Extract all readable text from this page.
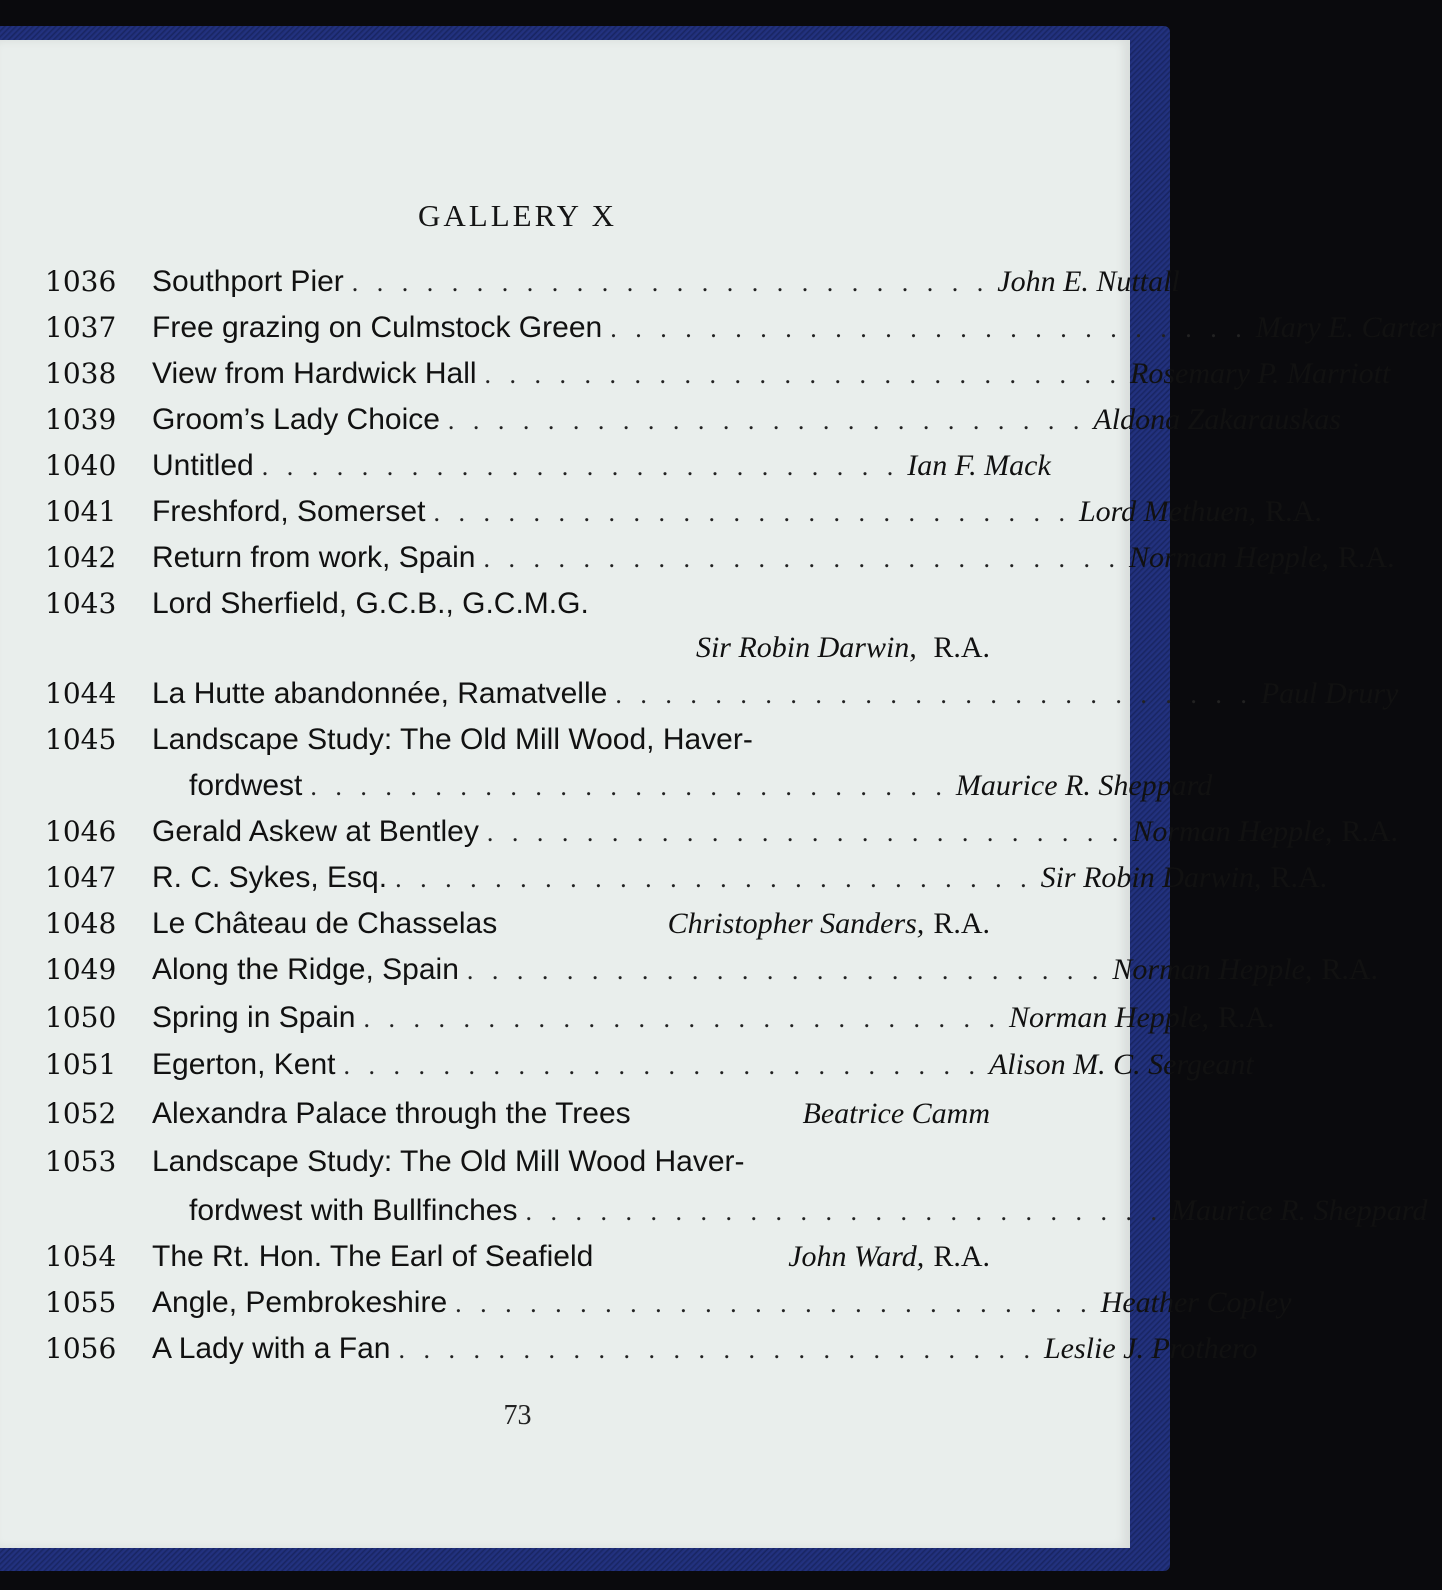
GALLERY X
1036	Southport Pier . . . . . . . . . . . . . . . . . . . . . . . . . . John E. Nuttall
1037	Free grazing on Culmstock Green . . . . . . . . . . . . . . . . . . . . . . . . . . Mary E. Carter
1038	View from Hardwick Hall . . . . . . . . . . . . . . . . . . . . . . . . . . Rosemary P. Marriott
1039	Groom’s Lady Choice . . . . . . . . . . . . . . . . . . . . . . . . . . Aldona Zakarauskas
1040	Untitled . . . . . . . . . . . . . . . . . . . . . . . . . . Ian F. Mack
1041	Freshford, Somerset . . . . . . . . . . . . . . . . . . . . . . . . . . Lord Methuen, R.A.
1042	Return from work, Spain . . . . . . . . . . . . . . . . . . . . . . . . . . Norman Hepple, R.A.
1043	Lord Sherfield, G.C.B., G.C.M.G.
Sir Robin Darwin, R.A.
1044	La Hutte abandonnée, Ramatvelle . . . . . . . . . . . . . . . . . . . . . . . . . . Paul Drury
1045	Landscape Study: The Old Mill Wood, Haver-
fordwest . . . . . . . . . . . . . . . . . . . . . . . . . . Maurice R. Sheppard
1046	Gerald Askew at Bentley . . . . . . . . . . . . . . . . . . . . . . . . . . Norman Hepple, R.A.
1047	R. C. Sykes, Esq. . . . . . . . . . . . . . . . . . . . . . . . . . . Sir Robin Darwin, R.A.
1048	Le Château de Chasselas	Christopher Sanders, R.A.
1049	Along the Ridge, Spain . . . . . . . . . . . . . . . . . . . . . . . . . . Norman Hepple, R.A.
1050	Spring in Spain . . . . . . . . . . . . . . . . . . . . . . . . . . Norman Hepple, R.A.
1051	Egerton, Kent . . . . . . . . . . . . . . . . . . . . . . . . . . Alison M. C. Sergeant
1052	Alexandra Palace through the Trees	Beatrice Camm
1053	Landscape Study: The Old Mill Wood Haver-
fordwest with Bullfinches . . . . . . . . . . . . . . . . . . . . . . . . . . Maurice R. Sheppard
1054	The Rt. Hon. The Earl of Seafield	John Ward, R.A.
1055	Angle, Pembrokeshire . . . . . . . . . . . . . . . . . . . . . . . . . . Heather Copley
1056	A Lady with a Fan . . . . . . . . . . . . . . . . . . . . . . . . . . Leslie J. Prothero
73
